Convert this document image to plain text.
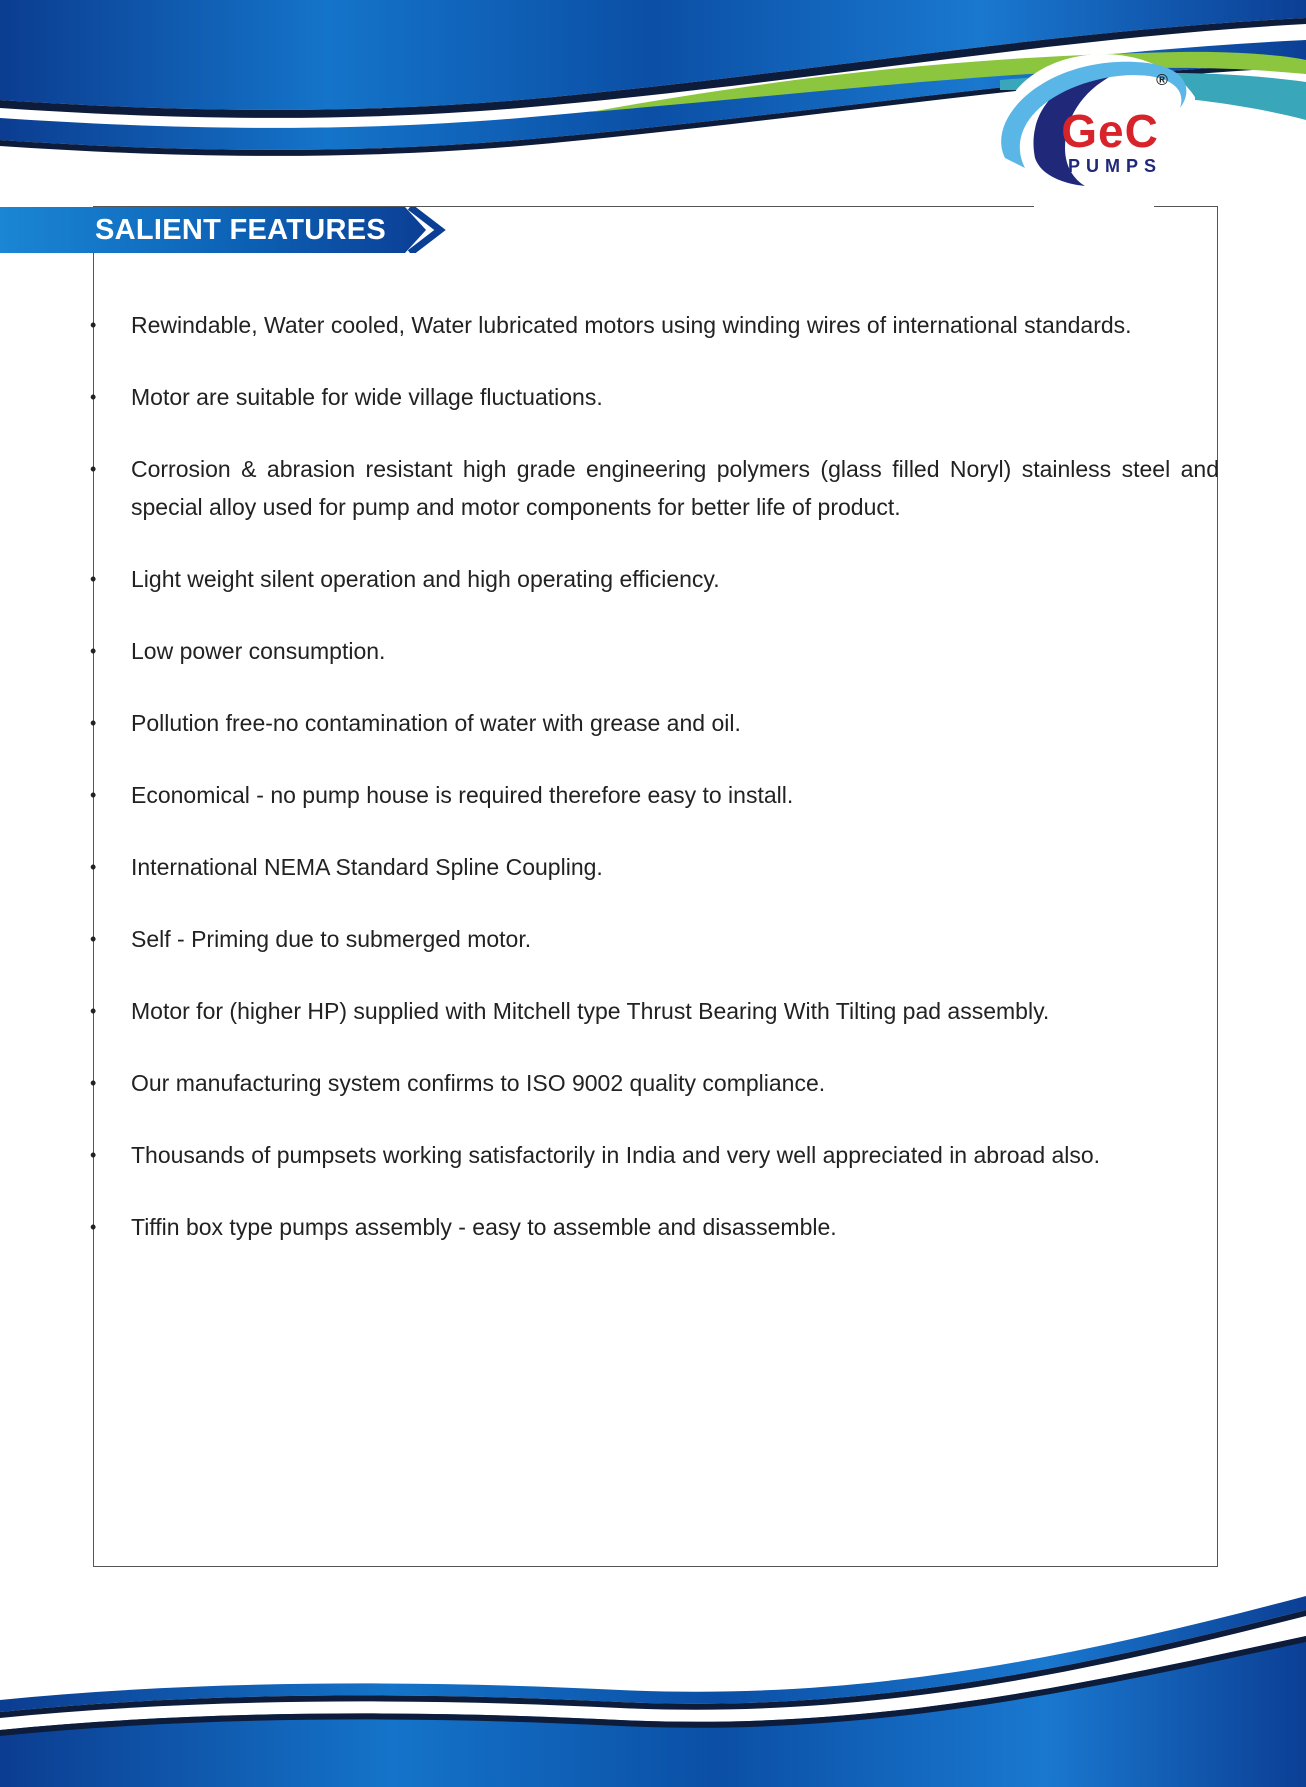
®
GeC
PUMPS
SALIENT FEATURES
• Rewindable, Water cooled, Water lubricated motors using winding wires of international standards.
• Motor are suitable for wide village fluctuations.
• Corrosion & abrasion resistant high grade engineering polymers (glass filled Noryl) stainless steel and special alloy used for pump and motor components for better life of product.
• Light weight silent operation and high operating efficiency.
• Low power consumption.
• Pollution free-no contamination of water with grease and oil.
• Economical - no pump house is required therefore easy to install.
• International NEMA Standard Spline Coupling.
• Self - Priming due to submerged motor.
• Motor for (higher HP) supplied with Mitchell type Thrust Bearing With Tilting pad assembly.
• Our manufacturing system confirms to ISO 9002 quality compliance.
• Thousands of pumpsets working satisfactorily in India and very well appreciated in abroad also.
• Tiffin box type pumps assembly - easy to assemble and disassemble.
